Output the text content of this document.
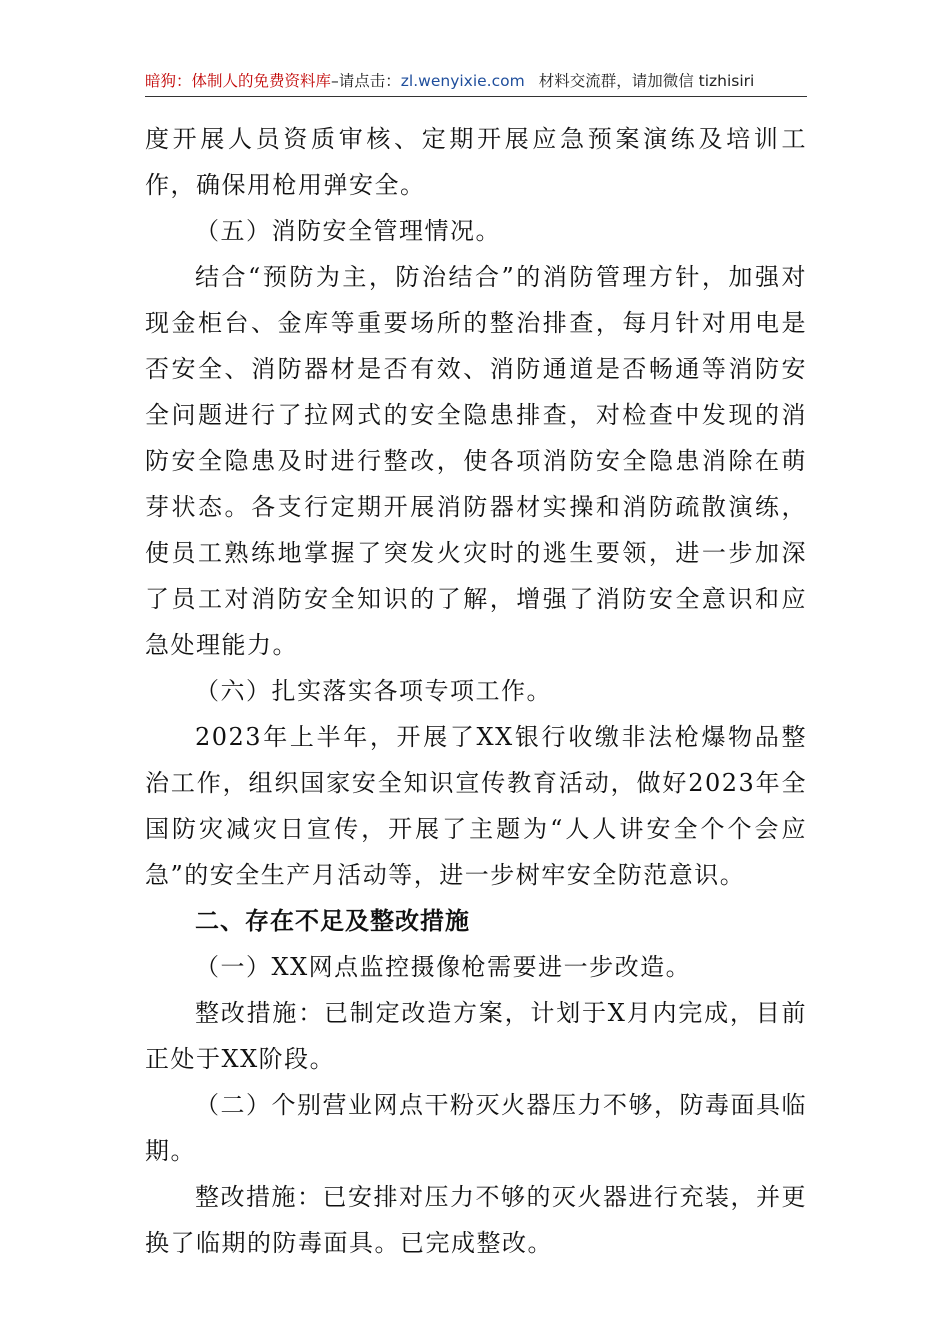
暗狗：体制人的免费资料库–请点击：zl.wenyixie.com 材料交流群，请加微信 tizhisiri

度开展人员资质审核、定期开展应急预案演练及培训工作，确保用枪用弹安全。

（五）消防安全管理情况。

结合“预防为主，防治结合”的消防管理方针，加强对现金柜台、金库等重要场所的整治排查，每月针对用电是否安全、消防器材是否有效、消防通道是否畅通等消防安全问题进行了拉网式的安全隐患排查，对检查中发现的消防安全隐患及时进行整改，使各项消防安全隐患消除在萌芽状态。各支行定期开展消防器材实操和消防疏散演练，使员工熟练地掌握了突发火灾时的逃生要领，进一步加深了员工对消防安全知识的了解，增强了消防安全意识和应急处理能力。

（六）扎实落实各项专项工作。

2023年上半年，开展了XX银行收缴非法枪爆物品整治工作，组织国家安全知识宣传教育活动，做好2023年全国防灾减灾日宣传，开展了主题为“人人讲安全个个会应急”的安全生产月活动等，进一步树牢安全防范意识。

二、存在不足及整改措施

（一）XX网点监控摄像枪需要进一步改造。

整改措施：已制定改造方案，计划于X月内完成，目前正处于XX阶段。

（二）个别营业网点干粉灭火器压力不够，防毒面具临期。

整改措施：已安排对压力不够的灭火器进行充装，并更换了临期的防毒面具。已完成整改。
